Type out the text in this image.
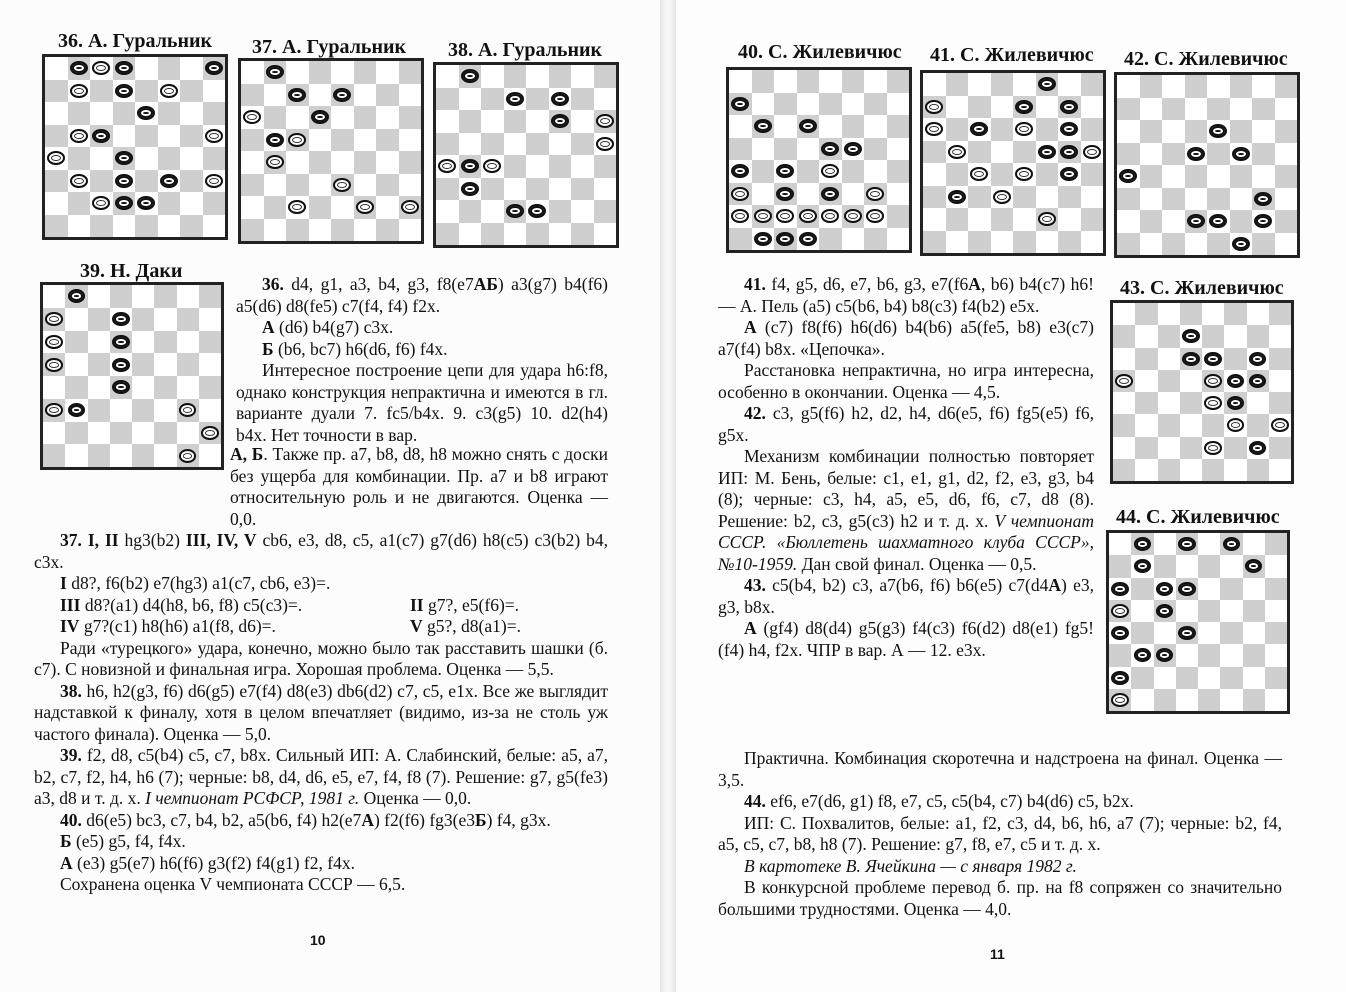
36. А. Гуральник 37. А. Гуральник 38. А. Гуральник
39. Н. Даки
40. С. Жилевичюс 41. С. Жилевичюс 42. С. Жилевичюс
43. С. Жилевичюс
44. С. Жилевичюс

36. d4, g1, a3, b4, g3, f8(e7АБ) a3(g7) b4(f6) a5(d6) d8(fe5) c7(f4, f4) f2x.

А (d6) b4(g7) c3x.

Б (b6, bc7) h6(d6, f6) f4x.

Интересное построение цепи для удара h6:f8, однако конструкция непрактична и имеются в гл. варианте дуали 7. fc5/b4x. 9. c3(g5) 10. d2(h4) b4x. Нет точности в вар.

А, Б. Также пр. a7, b8, d8, h8 можно снять с доски без ущерба для комбинации. Пр. a7 и b8 играют относительную роль и не двигаются. Оценка — 0,0.

37. I, II hg3(b2) III, IV, V cb6, e3, d8, c5, a1(c7) g7(d6) h8(c5) c3(b2) b4, c3x.

I d8?, f6(b2) e7(hg3) a1(c7, cb6, e3)=.

III d8?(a1) d4(h8, b6, f8) c5(c3)=.	II g7?, e5(f6)=.

IV g7?(c1) h8(h6) a1(f8, d6)=.	V g5?, d8(a1)=.

Ради «турецкого» удара, конечно, можно было так расставить шашки (б. c7). С новизной и финальная игра. Хорошая проблема. Оценка — 5,5.

38. h6, h2(g3, f6) d6(g5) e7(f4) d8(e3) db6(d2) c7, c5, e1x. Все же выглядит надставкой к финалу, хотя в целом впечатляет (видимо, из-за не столь уж частого финала). Оценка — 5,0.

39. f2, d8, c5(b4) c5, c7, b8x. Сильный ИП: А. Слабинский, белые: a5, a7, b2, c7, f2, h4, h6 (7); черные: b8, d4, d6, e5, e7, f4, f8 (7). Решение: g7, g5(fe3) a3, d8 и т. д. х. I чемпионат РСФСР, 1981 г. Оценка — 0,0.

40. d6(e5) bc3, c7, b4, b2, a5(b6, f4) h2(e7А) f2(f6) fg3(e3Б) f4, g3x.

Б (e5) g5, f4, f4x.

А (e3) g5(e7) h6(f6) g3(f2) f4(g1) f2, f4x.

Сохранена оценка V чемпионата СССР — 6,5.

10

41. f4, g5, d6, e7, b6, g3, e7(f6А, b6) b4(c7) h6! — А. Пель (a5) c5(b6, b4) b8(c3) f4(b2) e5x.

А (c7) f8(f6) h6(d6) b4(b6) a5(fe5, b8) e3(c7) a7(f4) b8x. «Цепочка».

Расстановка непрактична, но игра интересна, особенно в окончании. Оценка — 4,5.

42. c3, g5(f6) h2, d2, h4, d6(e5, f6) fg5(e5) f6, g5x.

Механизм комбинации полностью повторяет ИП: М. Бень, белые: c1, e1, g1, d2, f2, e3, g3, b4 (8); черные: c3, h4, a5, e5, d6, f6, c7, d8 (8). Решение: b2, c3, g5(c3) h2 и т. д. х. V чемпионат СССР. «Бюллетень шахматного клуба СССР», №10-1959. Дан свой финал. Оценка — 0,5.

43. c5(b4, b2) c3, a7(b6, f6) b6(e5) c7(d4А) e3, g3, b8x.

А (gf4) d8(d4) g5(g3) f4(c3) f6(d2) d8(e1) fg5!(f4) h4, f2x. ЧПР в вар. А — 12. e3x.

Практична. Комбинация скоротечна и надстроена на финал. Оценка — 3,5.

44. ef6, e7(d6, g1) f8, e7, c5, c5(b4, c7) b4(d6) c5, b2x.

ИП: С. Похвалитов, белые: a1, f2, c3, d4, b6, h6, a7 (7); черные: b2, f4, a5, c5, c7, b8, h8 (7). Решение: g7, f8, e7, c5 и т. д. х.

В картотеке В. Ячейкина — с января 1982 г.

В конкурсной проблеме перевод б. пр. на f8 сопряжен со значительно большими трудностями. Оценка — 4,0.

11
